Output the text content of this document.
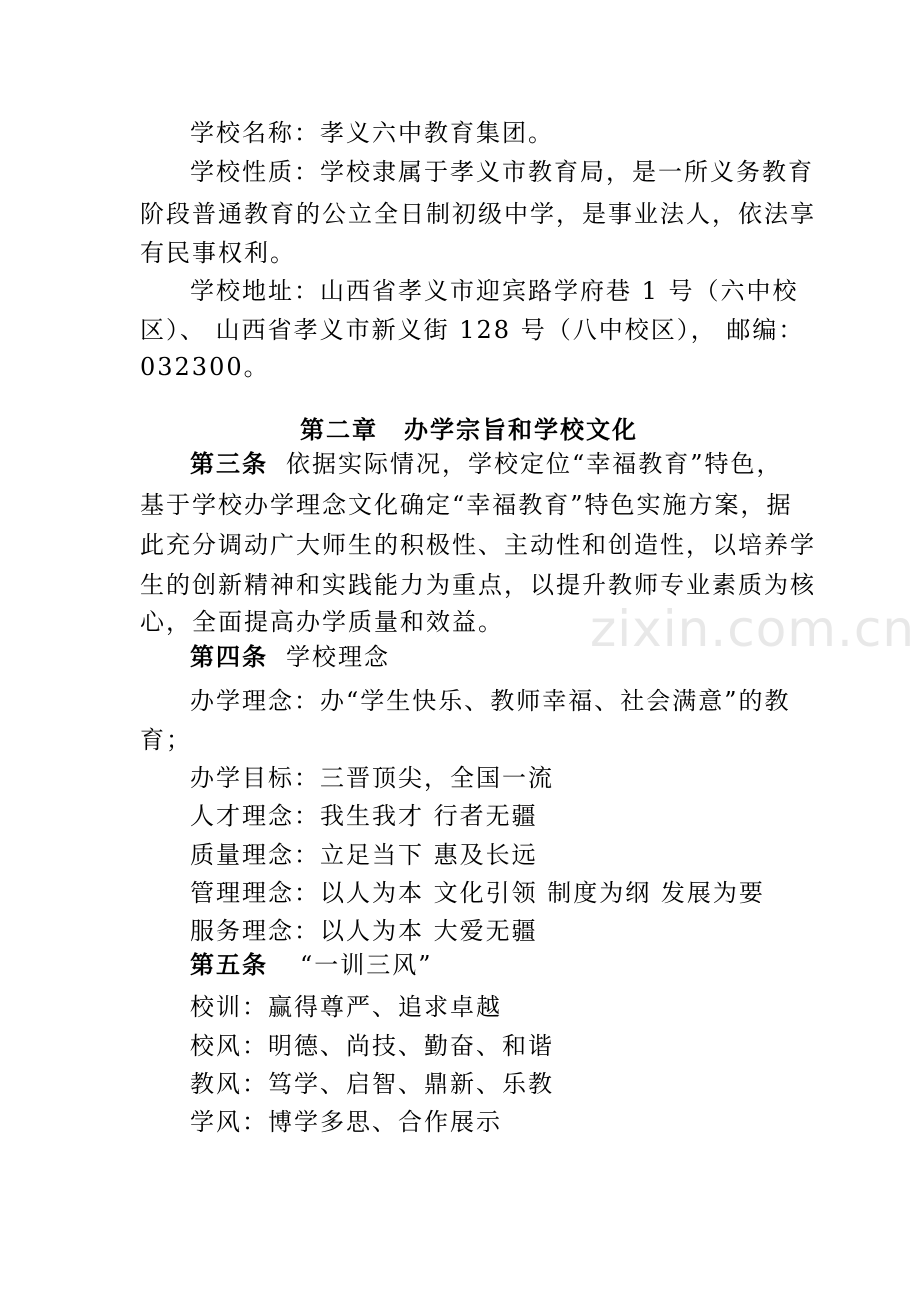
zixin.com.cn
学校名称：孝义六中教育集团。
学校性质：学校隶属于孝义市教育局，是一所义务教育
阶段普通教育的公立全日制初级中学，是事业法人，依法享
有民事权利。
学校地址：山西省孝义市迎宾路学府巷 1 号（六中校
区）、 山西省孝义市新义街 128 号（八中校区）， 邮编：
032300。
第二章　办学宗旨和学校文化
第三条 依据实际情况，学校定位“幸福教育”特色，
基于学校办学理念文化确定“幸福教育”特色实施方案，据
此充分调动广大师生的积极性、主动性和创造性，以培养学
生的创新精神和实践能力为重点，以提升教师专业素质为核
心，全面提高办学质量和效益。
第四条 学校理念
办学理念：办“学生快乐、教师幸福、社会满意”的教
育；
办学目标：三晋顶尖，全国一流
人才理念：我生我才 行者无疆
质量理念：立足当下 惠及长远
管理理念：以人为本 文化引领 制度为纲 发展为要
服务理念：以人为本 大爱无疆
第五条 “一训三风”
校训：赢得尊严、追求卓越
校风：明德、尚技、勤奋、和谐
教风：笃学、启智、鼎新、乐教
学风：博学多思、合作展示
